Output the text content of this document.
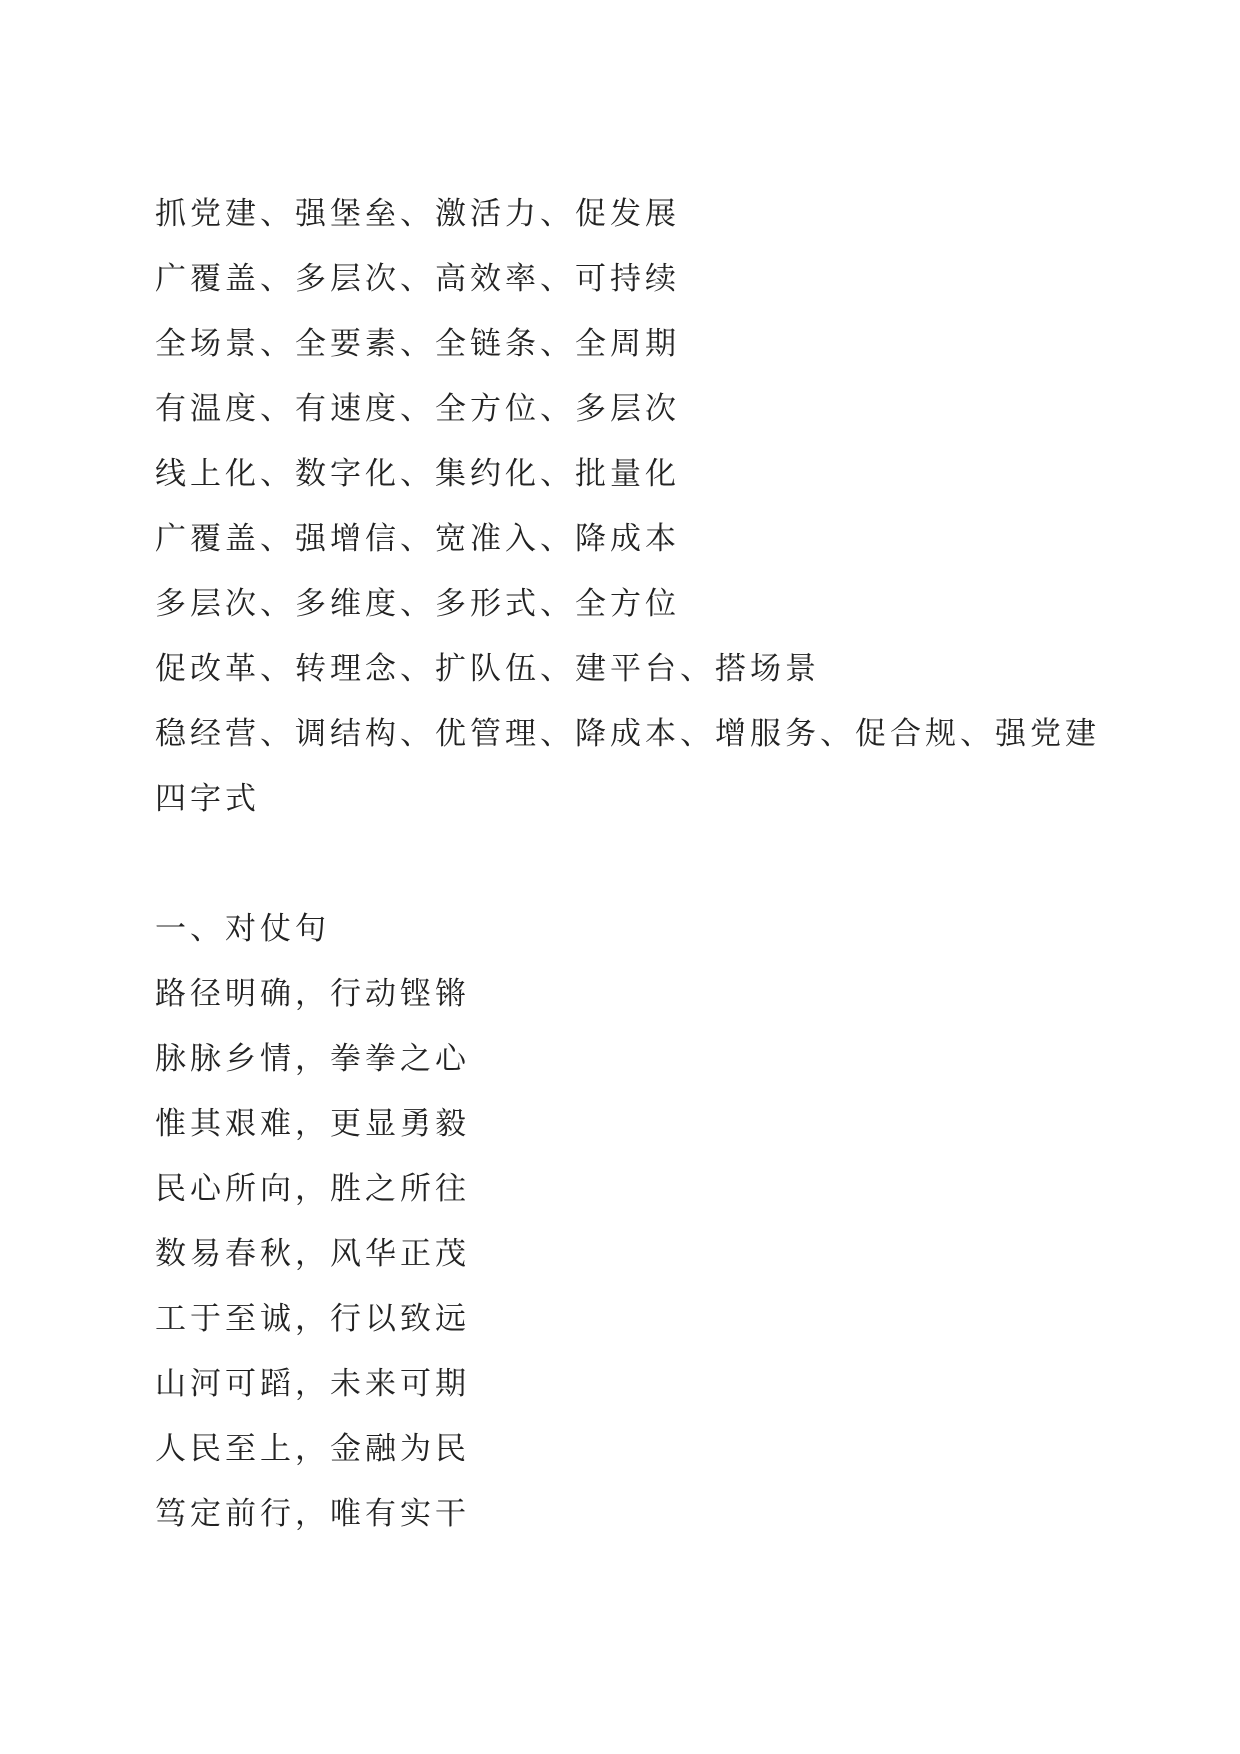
抓党建、强堡垒、激活力、促发展

广覆盖、多层次、高效率、可持续

全场景、全要素、全链条、全周期

有温度、有速度、全方位、多层次

线上化、数字化、集约化、批量化

广覆盖、强增信、宽准入、降成本

多层次、多维度、多形式、全方位

促改革、转理念、扩队伍、建平台、搭场景

稳经营、调结构、优管理、降成本、增服务、促合规、强党建

四字式

一、对仗句

路径明确，行动铿锵

脉脉乡情，拳拳之心

惟其艰难，更显勇毅

民心所向，胜之所往

数易春秋，风华正茂

工于至诚，行以致远

山河可蹈，未来可期

人民至上，金融为民

笃定前行，唯有实干
